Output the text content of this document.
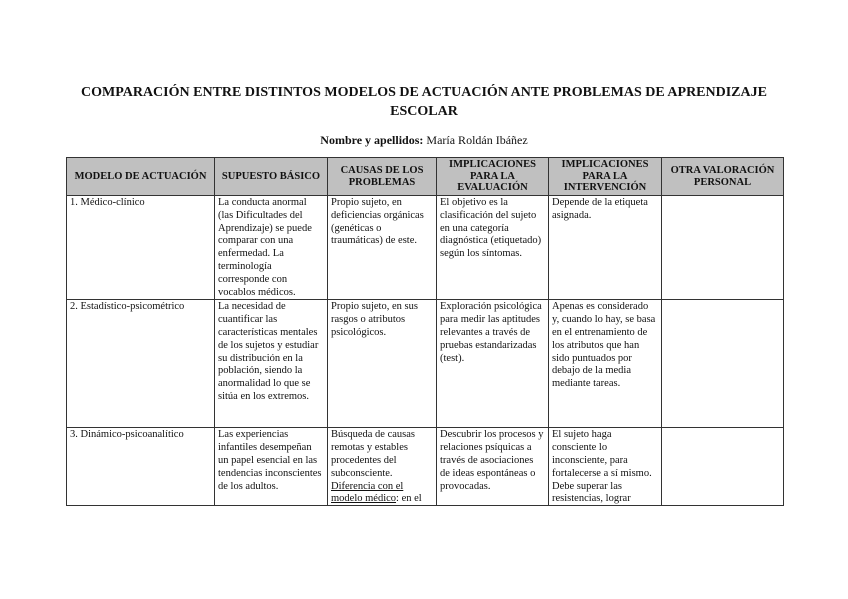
COMPARACIÓN ENTRE DISTINTOS MODELOS DE ACTUACIÓN ANTE PROBLEMAS DE APRENDIZAJE ESCOLAR
Nombre y apellidos: María Roldán Ibáñez
MODELO DE ACTUACIÓN	SUPUESTO BÁSICO	CAUSAS DE LOS PROBLEMAS	IMPLICACIONES PARA LA EVALUACIÓN	IMPLICACIONES PARA LA INTERVENCIÓN	OTRA VALORACIÓN PERSONAL
1. Médico-clínico	La conducta anormal (las Dificultades del Aprendizaje) se puede comparar con una enfermedad. La terminología corresponde con vocablos médicos.	Propio sujeto, en deficiencias orgánicas (genéticas o traumáticas) de este.	El objetivo es la clasificación del sujeto en una categoría diagnóstica (etiquetado) según los síntomas.	Depende de la etiqueta asignada.	
2. Estadístico-psicométrico	La necesidad de cuantificar las características mentales de los sujetos y estudiar su distribución en la población, siendo la anormalidad lo que se sitúa en los extremos.	Propio sujeto, en sus rasgos o atributos psicológicos.	Exploración psicológica para medir las aptitudes relevantes a través de pruebas estandarizadas (test).	Apenas es considerado y, cuando lo hay, se basa en el entrenamiento de los atributos que han sido puntuados por debajo de la media mediante tareas.	

3. Dinámico-psicoanalítico	Las experiencias infantiles desempeñan un papel esencial en las tendencias inconscientes de los adultos.	Búsqueda de causas remotas y estables procedentes del subconsciente. Diferencia con el modelo médico: en el	Descubrir los procesos y relaciones psíquicas a través de asociaciones de ideas espontáneas o provocadas.	El sujeto haga consciente lo inconsciente, para fortalecerse a sí mismo. Debe superar las resistencias, lograr	
